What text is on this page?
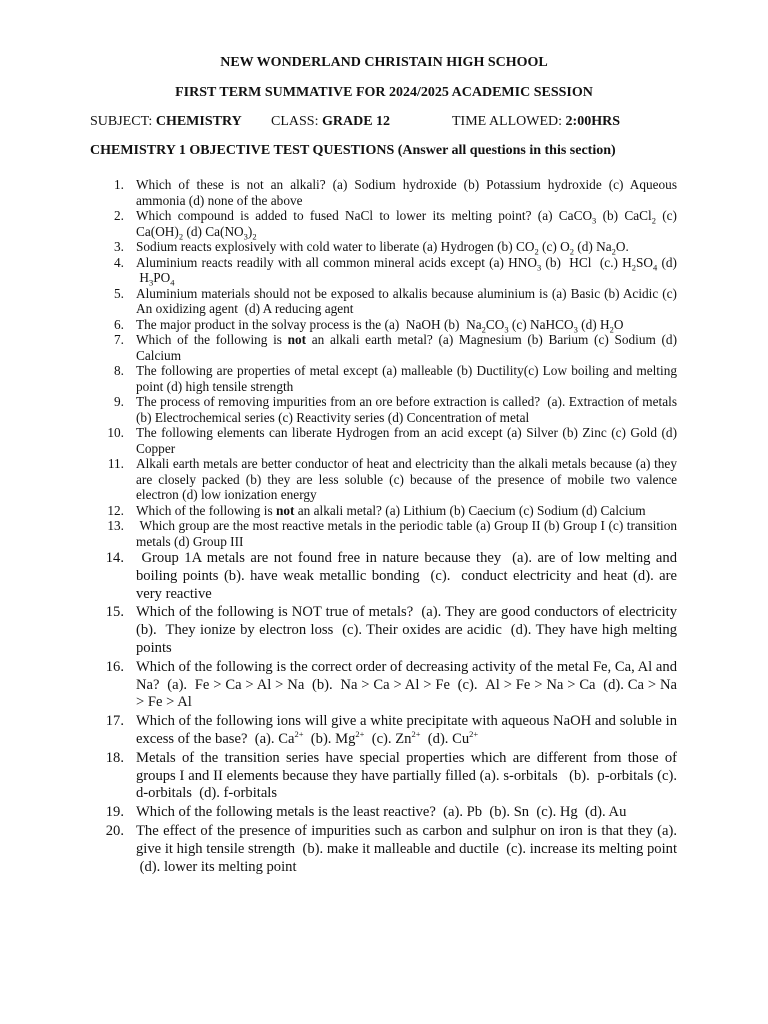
NEW WONDERLAND CHRISTAIN HIGH SCHOOL
FIRST TERM SUMMATIVE FOR 2024/2025 ACADEMIC SESSION
SUBJECT: CHEMISTRY CLASS: GRADE 12	TIME ALLOWED: 2:00HRS
CHEMISTRY 1 OBJECTIVE TEST QUESTIONS (Answer all questions in this section)
1. Which of these is not an alkali? (a) Sodium hydroxide (b) Potassium hydroxide (c) Aqueous ammonia (d) none of the above
2. Which compound is added to fused NaCl to lower its melting point? (a) CaCO$_3$ (b) CaCl$_2$ (c) $Ca(OH)_2$ (d) $Ca(NO_3)_2$
3. Sodium reacts explosively with cold water to liberate (a) Hydrogen (b) $CO_2$ (c) $O_2$ (d) $Na_2O$.
4. Aluminium reacts readily with all common mineral acids except (a) $HNO_3$ (b)  HCl  (c.) $H_2SO_4$ (d)  $H_3PO_4$
5. Aluminium materials should not be exposed to alkalis because aluminium is (a) Basic (b) Acidic (c) An oxidizing agent  (d) A reducing agent
6. The major product in the solvay process is the (a)  NaOH (b)  $Na_2CO_3$ (c) NaHCO$_3$ (d) $H_2O$
7. Which of the following is not an alkali earth metal? (a) Magnesium (b) Barium (c) Sodium (d) Calcium
8. The following are properties of metal except (a) malleable (b) Ductility(c) Low boiling and melting point (d) high tensile strength
9. The process of removing impurities from an ore before extraction is called?  (a). Extraction of metals (b) Electrochemical series (c) Reactivity series (d) Concentration of metal
10. The following elements can liberate Hydrogen from an acid except (a) Silver (b) Zinc (c) Gold (d) Copper
11. Alkali earth metals are better conductor of heat and electricity than the alkali metals because (a) they are closely packed (b) they are less soluble (c) because of the presence of mobile two valence electron (d) low ionization energy
12. Which of the following is not an alkali metal? (a) Lithium (b) Caecium (c) Sodium (d) Calcium
13. Which group are the most reactive metals in the periodic table (a) Group II (b) Group I (c) transition metals (d) Group III
14. Group 1A metals are not found free in nature because they  (a). are of low melting and boiling points (b). have weak metallic bonding  (c).  conduct electricity and heat (d). are very reactive
15. Which of the following is NOT true of metals?  (a). They are good conductors of electricity (b).  They ionize by electron loss  (c). Their oxides are acidic  (d). They have high melting points
16. Which of the following is the correct order of decreasing activity of the metal Fe, Ca, Al and Na?  (a).  Fe > Ca > Al > Na  (b).  Na > Ca > Al > Fe  (c).  Al > Fe > Na > Ca  (d). Ca > Na > Fe > Al
17. Which of the following ions will give a white precipitate with aqueous NaOH and soluble in excess of the base?  (a). $Ca^{2+}$  (b). $Mg^{2+}$  (c). $Zn^{2+}$  (d). $Cu^{2+}$
18. Metals of the transition series have special properties which are different from those of groups I and II elements because they have partially filled (a). s-orbitals   (b).  p-orbitals (c). d-orbitals  (d). f-orbitals
19. Which of the following metals is the least reactive?  (a). Pb  (b). Sn  (c). Hg  (d). Au
20. The effect of the presence of impurities such as carbon and sulphur on iron is that they (a). give it high tensile strength  (b). make it malleable and ductile  (c). increase its melting point  (d). lower its melting point
